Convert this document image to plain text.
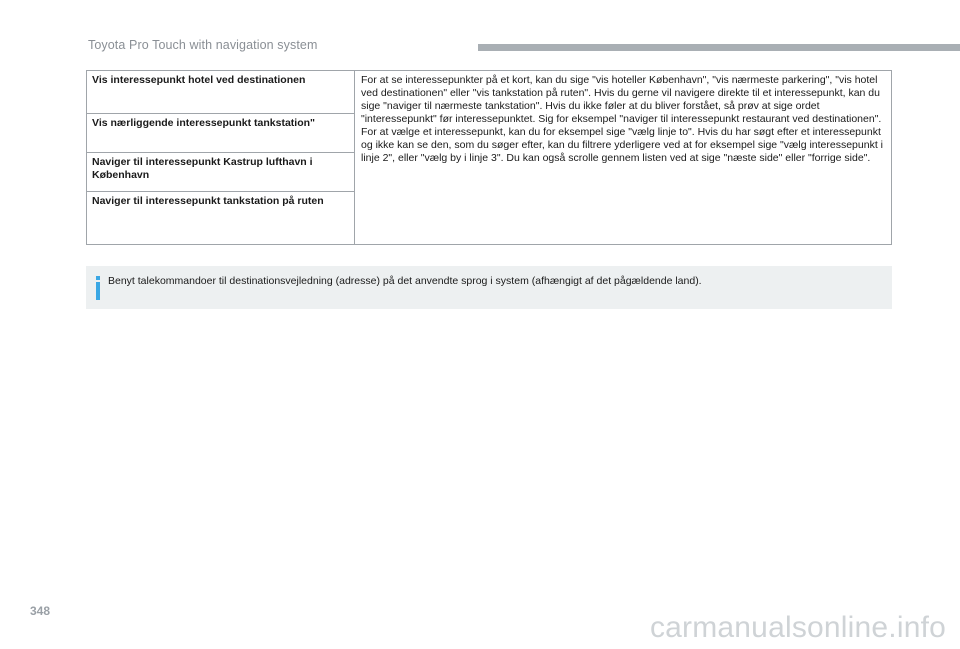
Toyota Pro Touch with navigation system
Vis interessepunkt hotel ved destinationen
Vis nærliggende interessepunkt tankstation"
Naviger til interessepunkt Kastrup lufthavn i København
Naviger til interessepunkt tankstation på ruten
For at se interessepunkter på et kort, kan du sige "vis hoteller København", "vis nærmeste parkering", "vis hotel ved destinationen" eller "vis tankstation på ruten". Hvis du gerne vil navigere direkte til et interessepunkt, kan du sige "naviger til nærmeste tankstation". Hvis du ikke føler at du bliver forstået, så prøv at sige ordet "interessepunkt" før interessepunktet. Sig for eksempel "naviger til interessepunkt restaurant ved destinationen".
For at vælge et interessepunkt, kan du for eksempel sige "vælg linje to". Hvis du har søgt efter et interessepunkt og ikke kan se den, som du søger efter, kan du filtrere yderligere ved at for eksempel sige "vælg interessepunkt i linje 2", eller "vælg by i linje 3". Du kan også scrolle gennem listen ved at sige "næste side" eller "forrige side".
Benyt talekommandoer til destinationsvejledning (adresse) på det anvendte sprog i system (afhængigt af det pågældende land).
348	carmanualsonline.info
